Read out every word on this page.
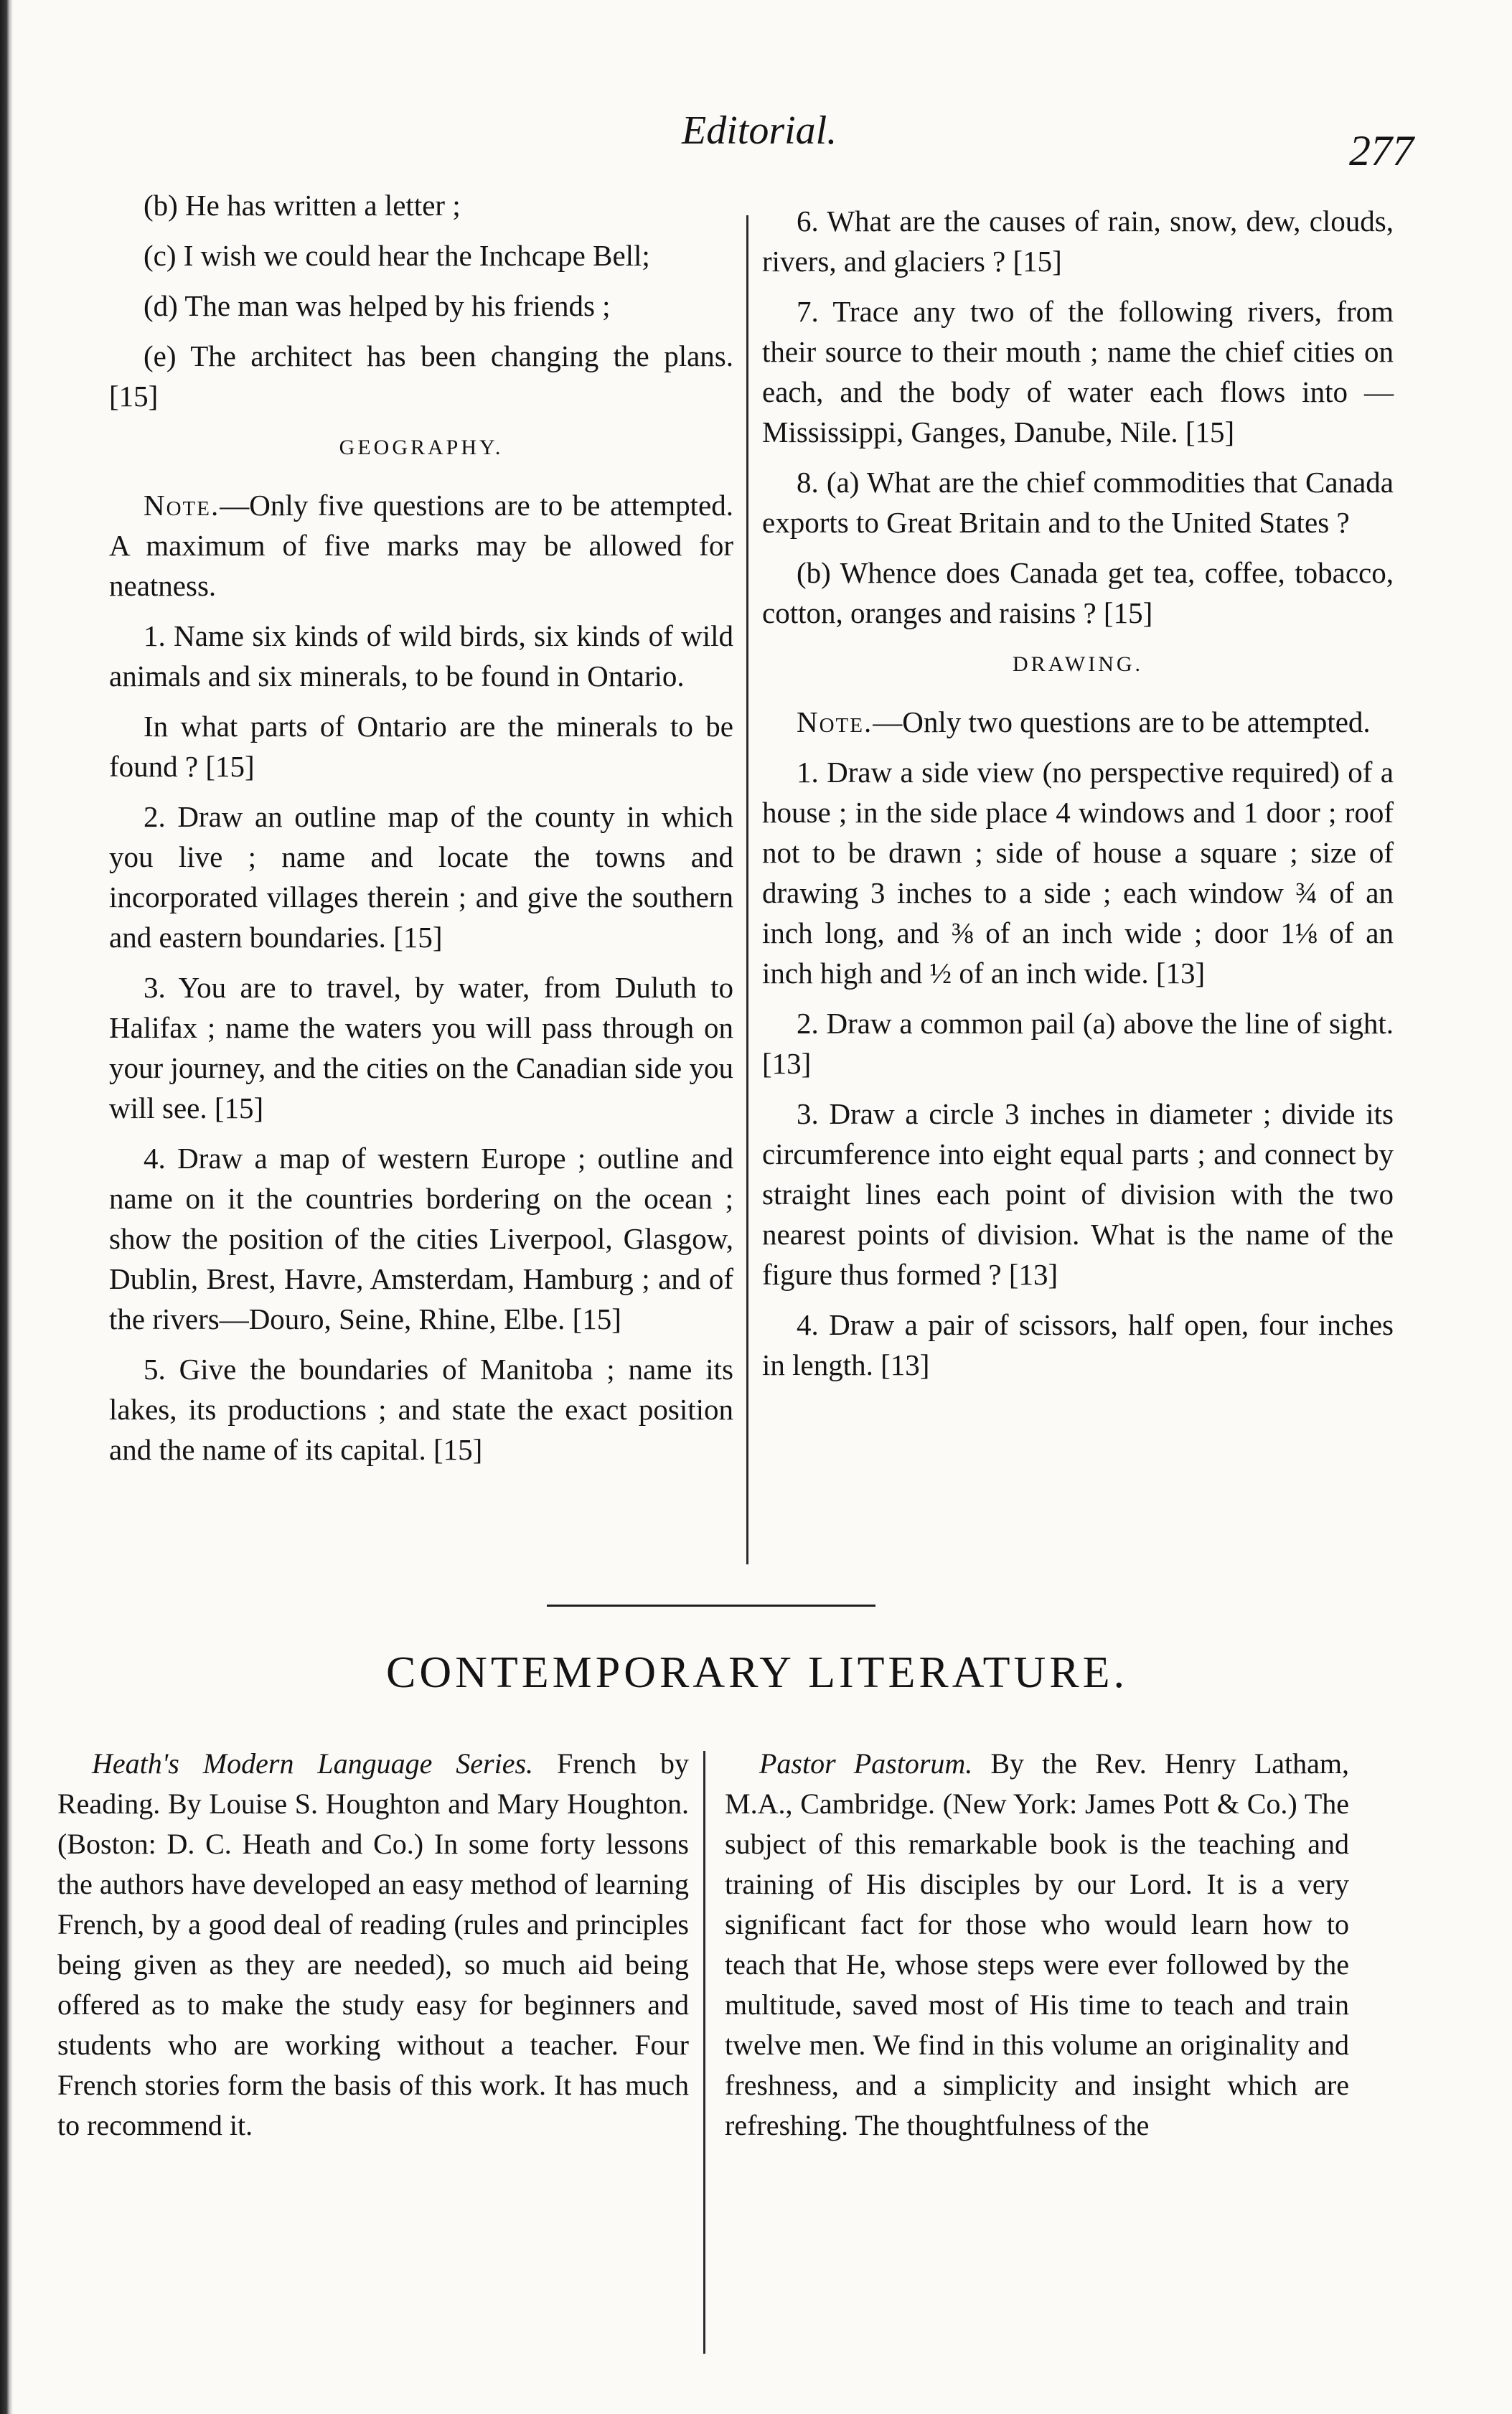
Editorial.	277

(b) He has written a letter ;

(c) I wish we could hear the Inchcape Bell;

(d) The man was helped by his friends ;

(e) The architect has been changing the plans. [15]

GEOGRAPHY.

Note.—Only five questions are to be attempted. A maximum of five marks may be allowed for neatness.

1. Name six kinds of wild birds, six kinds of wild animals and six minerals, to be found in Ontario.

In what parts of Ontario are the minerals to be found ? [15]

2. Draw an outline map of the county in which you live ; name and locate the towns and incorporated villages therein ; and give the southern and eastern boundaries. [15]

3. You are to travel, by water, from Duluth to Halifax ; name the waters you will pass through on your journey, and the cities on the Canadian side you will see. [15]

4. Draw a map of western Europe ; outline and name on it the countries bordering on the ocean ; show the position of the cities Liverpool, Glasgow, Dublin, Brest, Havre, Amsterdam, Hamburg ; and of the rivers—Douro, Seine, Rhine, Elbe. [15]

5. Give the boundaries of Manitoba ; name its lakes, its productions ; and state the exact position and the name of its capital. [15]

6. What are the causes of rain, snow, dew, clouds, rivers, and glaciers ? [15]

7. Trace any two of the following rivers, from their source to their mouth ; name the chief cities on each, and the body of water each flows into — Mississippi, Ganges, Danube, Nile. [15]

8. (a) What are the chief commodities that Canada exports to Great Britain and to the United States ?

(b) Whence does Canada get tea, coffee, tobacco, cotton, oranges and raisins ? [15]

DRAWING.

Note.—Only two questions are to be attempted.

1. Draw a side view (no perspective required) of a house ; in the side place 4 windows and 1 door ; roof not to be drawn ; side of house a square ; size of drawing 3 inches to a side ; each window ¾ of an inch long, and ⅜ of an inch wide ; door 1⅛ of an inch high and ½ of an inch wide. [13]

2. Draw a common pail (a) above the line of sight. [13]

3. Draw a circle 3 inches in diameter ; divide its circumference into eight equal parts ; and connect by straight lines each point of division with the two nearest points of division. What is the name of the figure thus formed ? [13]

4. Draw a pair of scissors, half open, four inches in length. [13]

CONTEMPORARY LITERATURE.

Heath's Modern Language Series. French by Reading. By Louise S. Houghton and Mary Houghton. (Boston: D. C. Heath and Co.) In some forty lessons the authors have developed an easy method of learning French, by a good deal of reading (rules and principles being given as they are needed), so much aid being offered as to make the study easy for beginners and students who are working without a teacher. Four French stories form the basis of this work. It has much to recommend it.

Pastor Pastorum. By the Rev. Henry Latham, M.A., Cambridge. (New York: James Pott & Co.) The subject of this remarkable book is the teaching and training of His disciples by our Lord. It is a very significant fact for those who would learn how to teach that He, whose steps were ever followed by the multitude, saved most of His time to teach and train twelve men. We find in this volume an originality and freshness, and a simplicity and insight which are refreshing. The thoughtfulness of the
